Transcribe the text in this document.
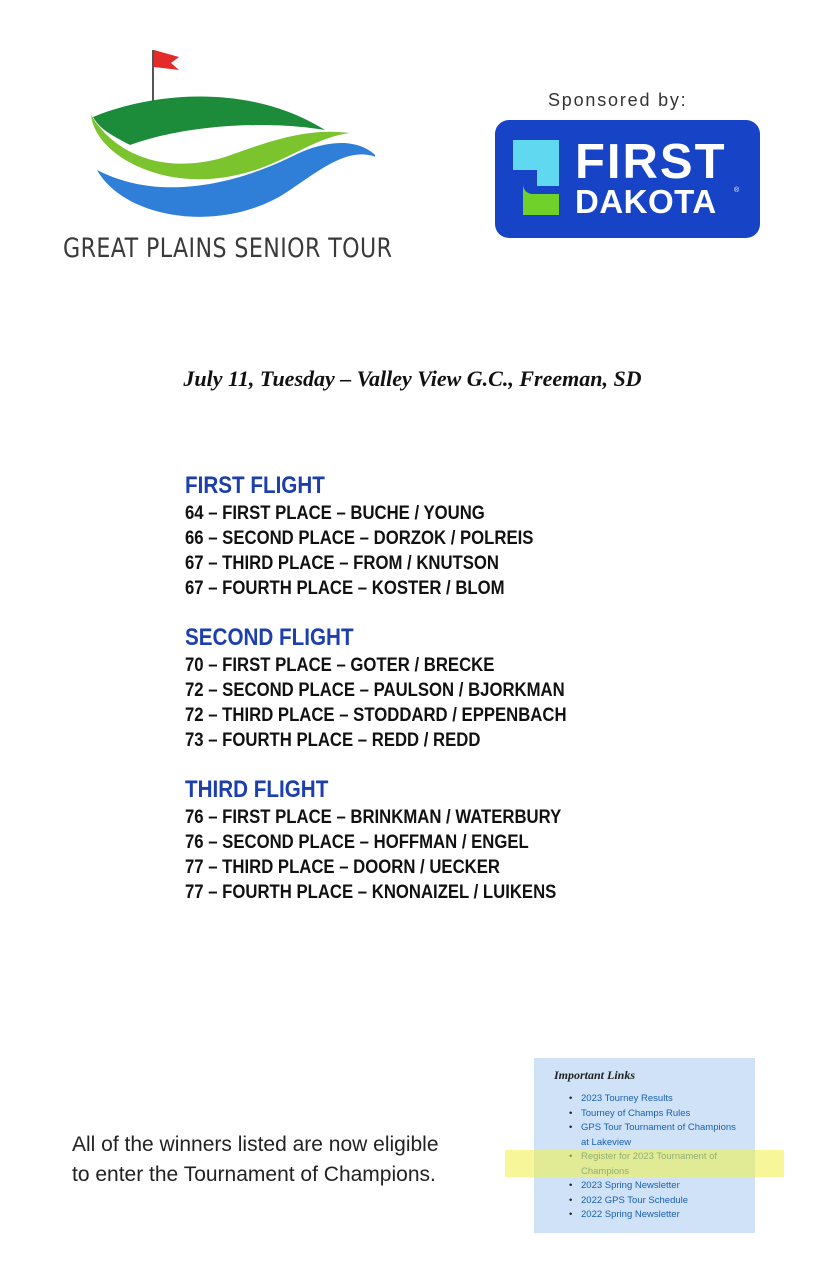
GREAT PLAINS SENIOR TOUR
Sponsored by:
FIRST
DAKOTA ®
July 11, Tuesday – Valley View G.C., Freeman, SD
FIRST FLIGHT
64 – FIRST PLACE – BUCHE / YOUNG
66 – SECOND PLACE – DORZOK / POLREIS
67 – THIRD PLACE – FROM / KNUTSON
67 – FOURTH PLACE – KOSTER / BLOM
SECOND FLIGHT
70 – FIRST PLACE – GOTER / BRECKE
72 – SECOND PLACE – PAULSON / BJORKMAN
72 – THIRD PLACE – STODDARD / EPPENBACH
73 – FOURTH PLACE – REDD / REDD
THIRD FLIGHT
76 – FIRST PLACE – BRINKMAN / WATERBURY
76 – SECOND PLACE – HOFFMAN / ENGEL
77 – THIRD PLACE – DOORN / UECKER
77 – FOURTH PLACE – KNONAIZEL / LUIKENS
All of the winners listed are now eligible
to enter the Tournament of Champions.
Important Links
• 2023 Tourney Results
• Tourney of Champs Rules
• GPS Tour Tournament of Champions at Lakeview
•
• 2023 Spring Newsletter
• 2022 GPS Tour Schedule
• 2022 Spring Newsletter
